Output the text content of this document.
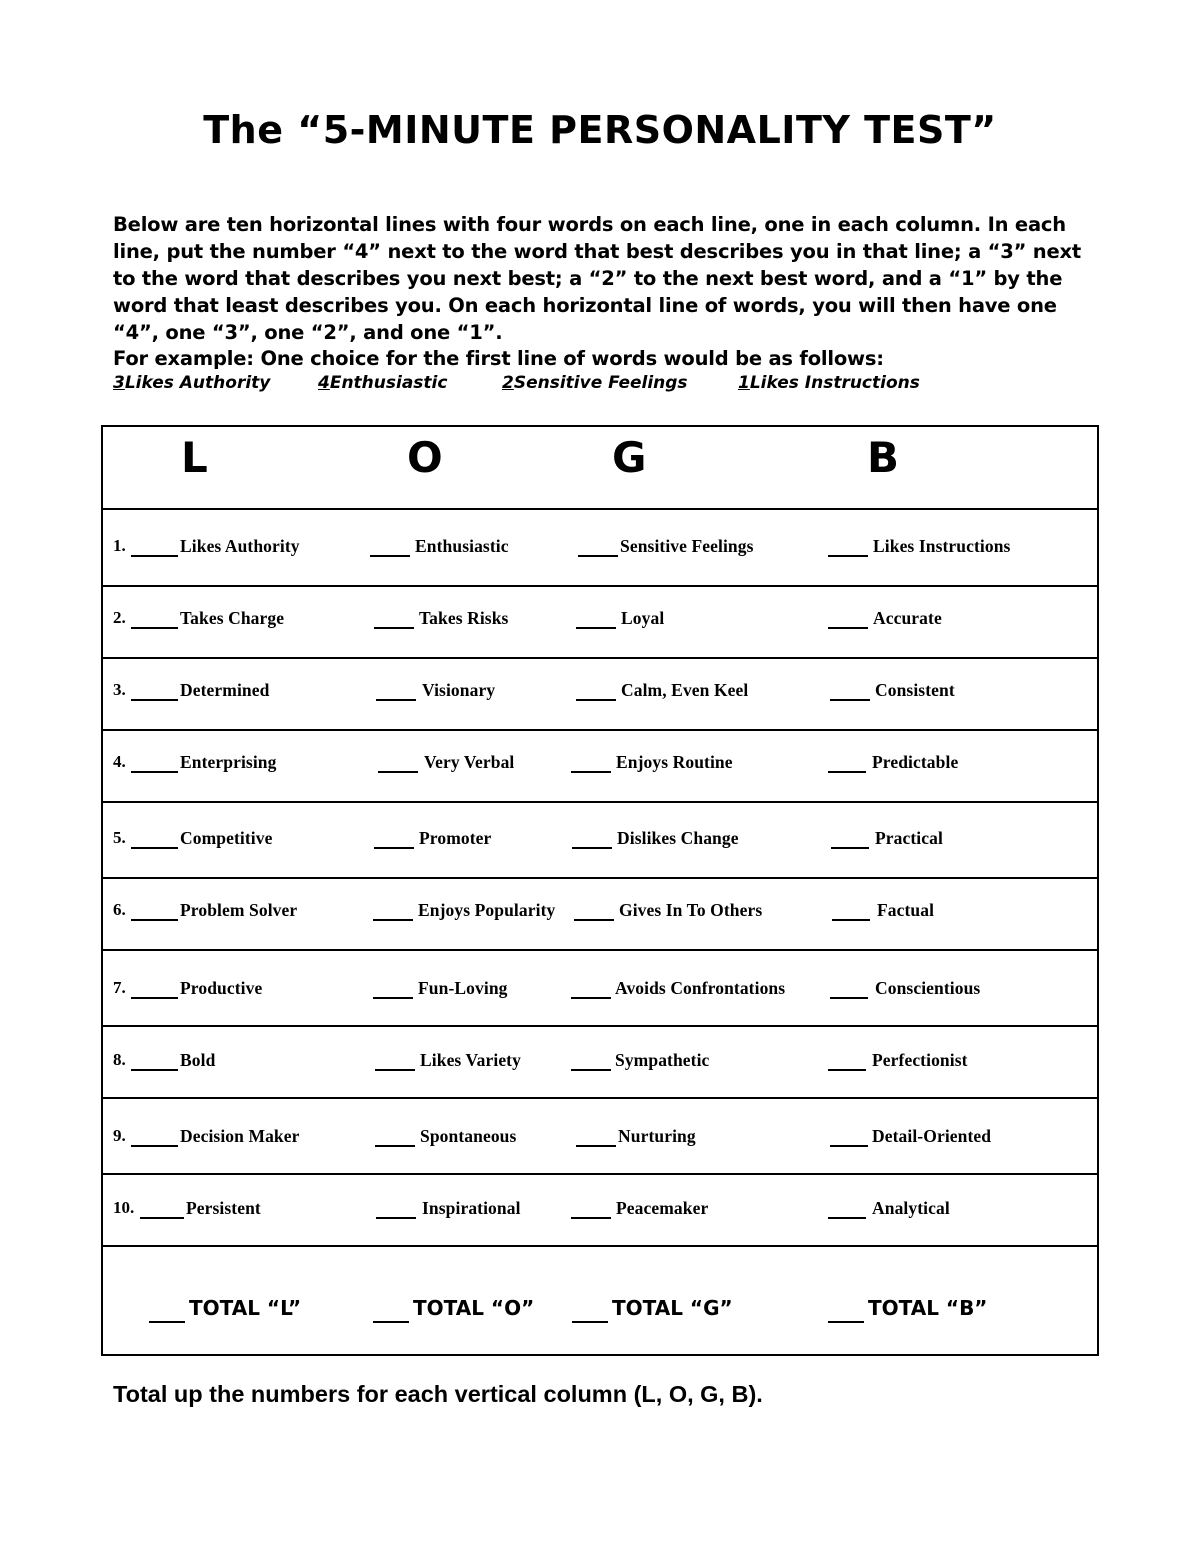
The “5-MINUTE PERSONALITY TEST”
Below are ten horizontal lines with four words on each line, one in each column. In each line, put the number “4” next to the word that best describes you in that line; a “3” next to the word that describes you next best; a “2” to the next best word, and a “1” by the word that least describes you. On each horizontal line of words, you will then have one “4”, one “3”, one “2”, and one “1”.
For example: One choice for the first line of words would be as follows:
3Likes Authority	4Enthusiastic	2Sensitive Feelings	1Likes Instructions
L	O	G	B
1.	Likes Authority	Enthusiastic	Sensitive Feelings	Likes Instructions
2.	Takes Charge	Takes Risks	Loyal	Accurate
3.	Determined	Visionary	Calm, Even Keel	Consistent
4.	Enterprising	Very Verbal	Enjoys Routine	Predictable
5.	Competitive	Promoter	Dislikes Change	Practical
6.	Problem Solver	Enjoys Popularity	Gives In To Others	Factual
7.	Productive	Fun-Loving	Avoids Confrontations	Conscientious
8.	Bold	Likes Variety	Sympathetic	Perfectionist
9.	Decision Maker	Spontaneous	Nurturing	Detail-Oriented
10.	Persistent	Inspirational	Peacemaker	Analytical
TOTAL “L”	TOTAL “O”	TOTAL “G”	TOTAL “B”
Total up the numbers for each vertical column (L, O, G, B).
